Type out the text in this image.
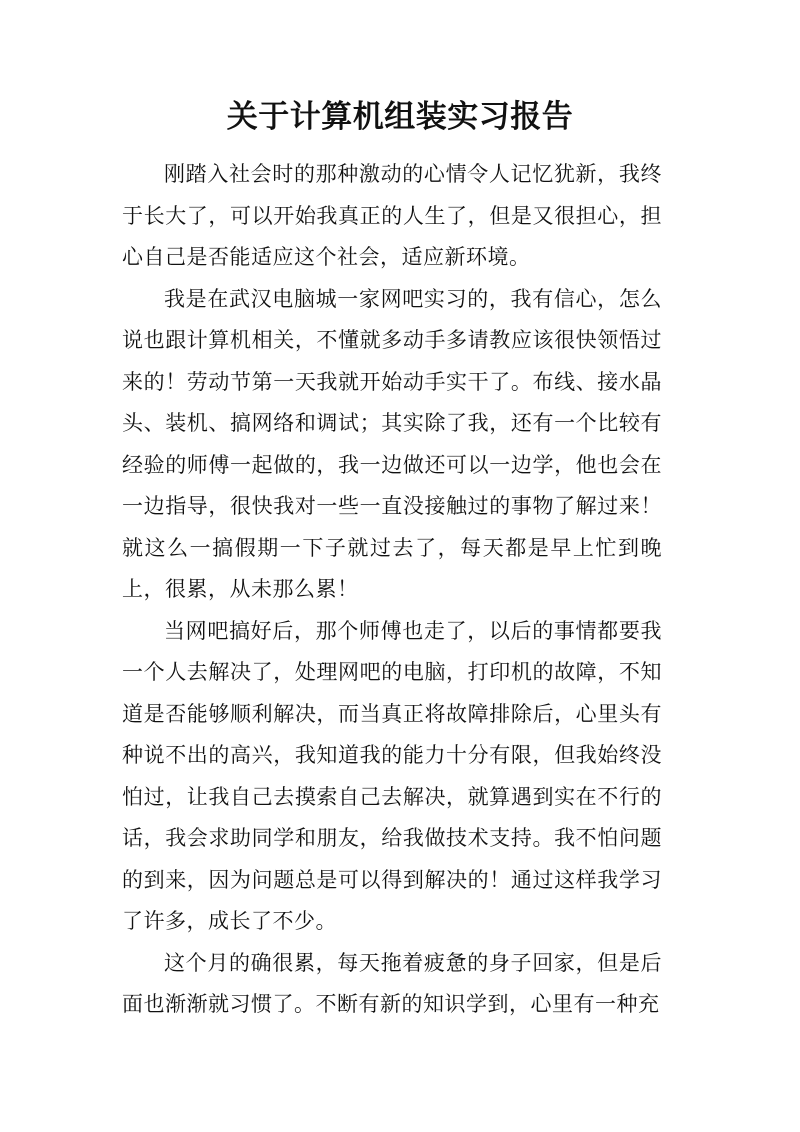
关于计算机组装实习报告

刚踏入社会时的那种激动的心情令人记忆犹新，我终于长大了，可以开始我真正的人生了，但是又很担心，担心自己是否能适应这个社会，适应新环境。

我是在武汉电脑城一家网吧实习的，我有信心，怎么说也跟计算机相关，不懂就多动手多请教应该很快领悟过来的！劳动节第一天我就开始动手实干了。布线、接水晶头、装机、搞网络和调试；其实除了我，还有一个比较有经验的师傅一起做的，我一边做还可以一边学，他也会在一边指导，很快我对一些一直没接触过的事物了解过来！就这么一搞假期一下子就过去了，每天都是早上忙到晚上，很累，从未那么累！

当网吧搞好后，那个师傅也走了，以后的事情都要我一个人去解决了，处理网吧的电脑，打印机的故障，不知道是否能够顺利解决，而当真正将故障排除后，心里头有种说不出的高兴，我知道我的能力十分有限，但我始终没怕过，让我自己去摸索自己去解决，就算遇到实在不行的话，我会求助同学和朋友，给我做技术支持。我不怕问题的到来，因为问题总是可以得到解决的！通过这样我学习了许多，成长了不少。

这个月的确很累，每天拖着疲惫的身子回家，但是后面也渐渐就习惯了。不断有新的知识学到，心里有一种充
